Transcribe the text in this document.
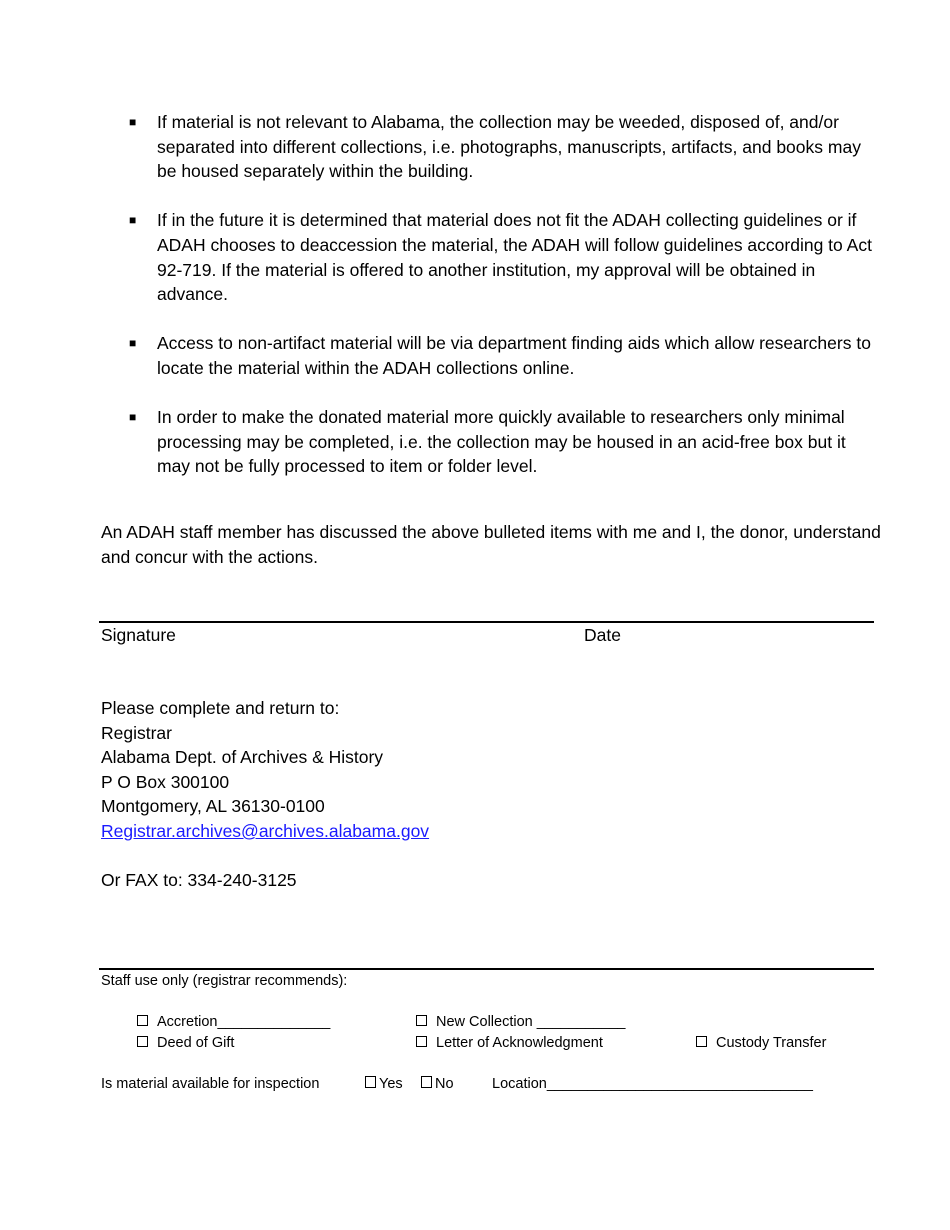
■ If material is not relevant to Alabama, the collection may be weeded, disposed of, and/or separated into different collections, i.e. photographs, manuscripts, artifacts, and books may be housed separately within the building.
■ If in the future it is determined that material does not fit the ADAH collecting guidelines or if ADAH chooses to deaccession the material, the ADAH will follow guidelines according to Act 92-719. If the material is offered to another institution, my approval will be obtained in advance.
■ Access to non-artifact material will be via department finding aids which allow researchers to locate the material within the ADAH collections online.
■ In order to make the donated material more quickly available to researchers only minimal processing may be completed, i.e. the collection may be housed in an acid-free box but it may not be fully processed to item or folder level.
An ADAH staff member has discussed the above bulleted items with me and I, the donor, understand and concur with the actions.
Signature	Date
Please complete and return to:
Registrar
Alabama Dept. of Archives & History
P O Box 300100
Montgomery, AL 36130-0100
Registrar.archives@archives.alabama.gov
Or FAX to: 334-240-3125
Staff use only (registrar recommends):
Accretion______________	New Collection ___________
Deed of Gift	Letter of Acknowledgment	Custody Transfer
Is material available for inspection	Yes	No	Location_________________________________
